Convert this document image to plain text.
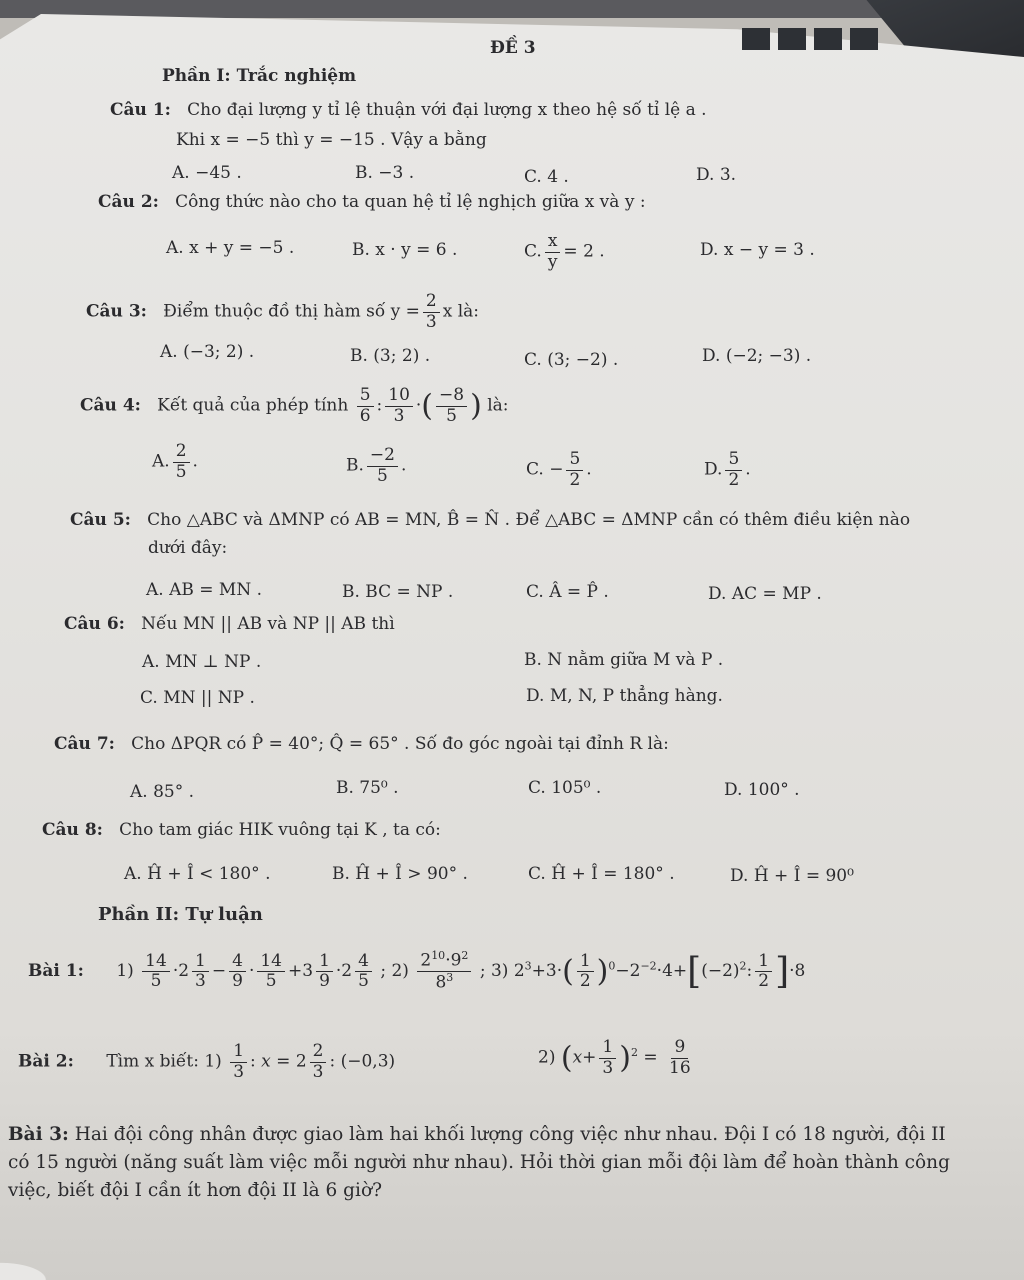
ĐỀ 3
Phần I: Trắc nghiệm
Câu 1: Cho đại lượng y tỉ lệ thuận với đại lượng x theo hệ số tỉ lệ a .
Khi x = −5 thì y = −15 . Vậy a bằng
A. −45 .	B. −3 .	C. 4 .	D. 3.
Câu 2: Công thức nào cho ta quan hệ tỉ lệ nghịch giữa x và y :
A. x + y = −5 .	B. x · y = 6 .	C. $\frac{x}{y} = 2$ .	D. x − y = 3 .
Câu 3: Điểm thuộc đồ thị hàm số $y = \frac{2}{3}$ x là:
A. (−3; 2) .	B. (3; 2) .	C. (3; −2) .	D. (−2; −3) .
Câu 4: Kết quả của phép tính $\frac{5}{6}$ : $\frac{10}{3}$ ·( $\frac{-8}{5}$ ) là:
A. $\frac{2}{5}$ .	B. $\frac{-2}{5}$ .	C. − $\frac{5}{2}$ .	D. $\frac{5}{2}$ .
Câu 5: Cho △ABC và ΔMNP có AB = MN, B̂ = N̂ . Để △ABC = ΔMNP cần có thêm điều kiện nào
dưới đây:
A. AB = MN .	B. BC = NP .	C. Â = P̂ .	D. AC = MP .
Câu 6: Nếu MN || AB và NP || AB thì
A. MN ⊥ NP .	B. N nằm giữa M và P .
C. MN || NP .	D. M, N, P thẳng hàng.
Câu 7: Cho ΔPQR có P̂ = 40°; Q̂ = 65° . Số đo góc ngoài tại đỉnh R là:
A. 85° .	B. 75⁰ .	C. 105⁰ .	D. 100° .
Câu 8: Cho tam giác HIK vuông tại K , ta có:
A. Ĥ + Î < 180° .	B. Ĥ + Î > 90° .	C. Ĥ + Î = 180° .	D. Ĥ + Î = 90⁰
Phần II: Tự luận
Bài 1: $1) \frac{14}{5} \cdot 2 \frac{1}{3} - \frac{4}{9} \cdot \frac{14}{5} +3 \frac{1}{9} \cdot 2 \frac{4}{5}$ ; $2) \frac{2^{10}\cdot 9^2}{8^3}$ ; 3) $2^3+3\cdot( \frac{1}{2} )^0-2^{-2}\cdot 4+[(-2)^2$: $\frac{1}{2} ]\cdot 8$
Bài 2: Tìm x biết: $1) \frac{1}{3}$ : $x = 2 \frac{2}{3}$ : (−0,3)	2) $(x+ \frac{1}{3} )^2 = \frac{9}{16}$
Bài 3: Hai đội công nhân được giao làm hai khối lượng công việc như nhau. Đội I có 18 người, đội II
có 15 người (năng suất làm việc mỗi người như nhau). Hỏi thời gian mỗi đội làm để hoàn thành công
việc, biết đội I cần ít hơn đội II là 6 giờ?
